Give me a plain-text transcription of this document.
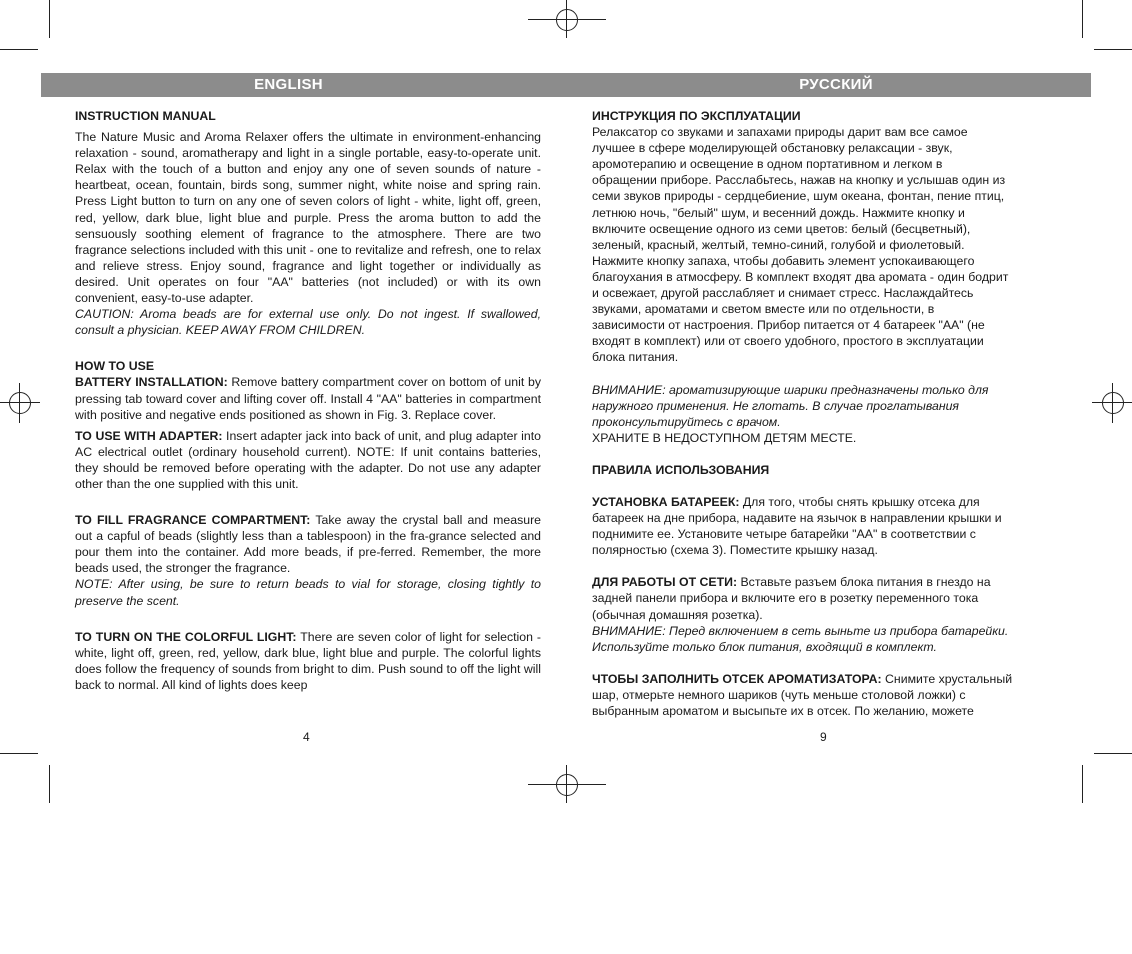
ENGLISH	РУССКИЙ

INSTRUCTION MANUAL

The Nature Music and Aroma Relaxer offers the ultimate in environment-enhancing relaxation - sound, aromatherapy and light in a single portable, easy-to-operate unit. Relax with the touch of a button and enjoy any one of seven sounds of nature - heartbeat, ocean, fountain, birds song, summer night, white noise and spring rain. Press Light button to turn on any one of seven colors of light - white, light off, green, red, yellow, dark blue, light blue and purple. Press the aroma button to add the sensuously soothing element of fragrance to the atmosphere. There are two fragrance selections included with this unit - one to revitalize and refresh, one to relax and relieve stress. Enjoy sound, fragrance and light together or individually as desired. Unit operates on four "AA" batteries (not included) or with its own convenient, easy-to-use adapter.

CAUTION: Aroma beads are for external use only. Do not ingest. If swallowed, consult a physician. KEEP AWAY FROM CHILDREN.

HOW TO USE

BATTERY INSTALLATION: Remove battery compartment cover on bottom of unit by pressing tab toward cover and lifting cover off. Install 4 "AA" batteries in compartment with positive and negative ends positioned as shown in Fig. 3. Replace cover.

TO USE WITH ADAPTER: Insert adapter jack into back of unit, and plug adapter into AC electrical outlet (ordinary household current). NOTE: If unit contains batteries, they should be removed before operating with the adapter. Do not use any adapter other than the one supplied with this unit.

TO FILL FRAGRANCE COMPARTMENT: Take away the crystal ball and measure out a capful of beads (slightly less than a tablespoon) in the fra-grance selected and pour them into the container. Add more beads, if pre-ferred. Remember, the more beads used, the stronger the fragrance.

NOTE: After using, be sure to return beads to vial for storage, closing tightly to preserve the scent.

TO TURN ON THE COLORFUL LIGHT: There are seven color of light for selection - white, light off, green, red, yellow, dark blue, light blue and purple. The colorful lights does follow the frequency of sounds from bright to dim. Push sound to off the light will back to normal. All kind of lights does keep

ИНСТРУКЦИЯ ПО ЭКСПЛУАТАЦИИ

Релаксатор со звуками и запахами природы дарит вам все самое
лучшее в сфере моделирующей обстановку релаксации - звук,
аромотерапию и освещение в одном портативном и легком в
обращении приборе. Расслабьтесь, нажав на кнопку и услышав один из
семи звуков природы - сердцебиение, шум океана, фонтан, пение птиц,
летнюю ночь, "белый" шум, и весенний дождь. Нажмите кнопку и
включите освещение одного из семи цветов: белый (бесцветный),
зеленый, красный, желтый, темно-синий, голубой и фиолетовый.
Нажмите кнопку запаха, чтобы добавить элемент успокаивающего
благоухания в атмосферу. В комплект входят два аромата - один бодрит
и освежает, другой расслабляет и снимает стресс. Наслаждайтесь
звуками, ароматами и светом вместе или по отдельности, в
зависимости от настроения. Прибор питается от 4 батареек "АА" (не
входят в комплект) или от своего удобного, простого в эксплуатации
блока питания.
ВНИМАНИЕ: ароматизирующие шарики предназначены только для
наружного применения. Не глотать. В случае проглатывания
проконсультируйтесь с врачом.

ХРАНИТЕ В НЕДОСТУПНОМ ДЕТЯМ МЕСТЕ.

ПРАВИЛА ИСПОЛЬЗОВАНИЯ

УСТАНОВКА БАТАРЕЕК: Для того, чтобы снять крышку отсека для
батареек на дне прибора, надавите на язычок в направлении крышки и
поднимите ее. Установите четыре батарейки "АА" в соответствии с
полярностью (схема 3). Поместите крышку назад.
ДЛЯ РАБОТЫ ОТ СЕТИ: Вставьте разъем блока питания в гнездо на
задней панели прибора и включите его в розетку переменного тока
(обычная домашняя розетка).
ВНИМАНИЕ: Перед включением в сеть выньте из прибора батарейки.
Используйте только блок питания, входящий в комплект.
ЧТОБЫ ЗАПОЛНИТЬ ОТСЕК АРОМАТИЗАТОРА: Снимите хрустальный
шар, отмерьте немного шариков (чуть меньше столовой ложки) с
выбранным ароматом и высыпьте их в отсек. По желанию, можете
4	9
